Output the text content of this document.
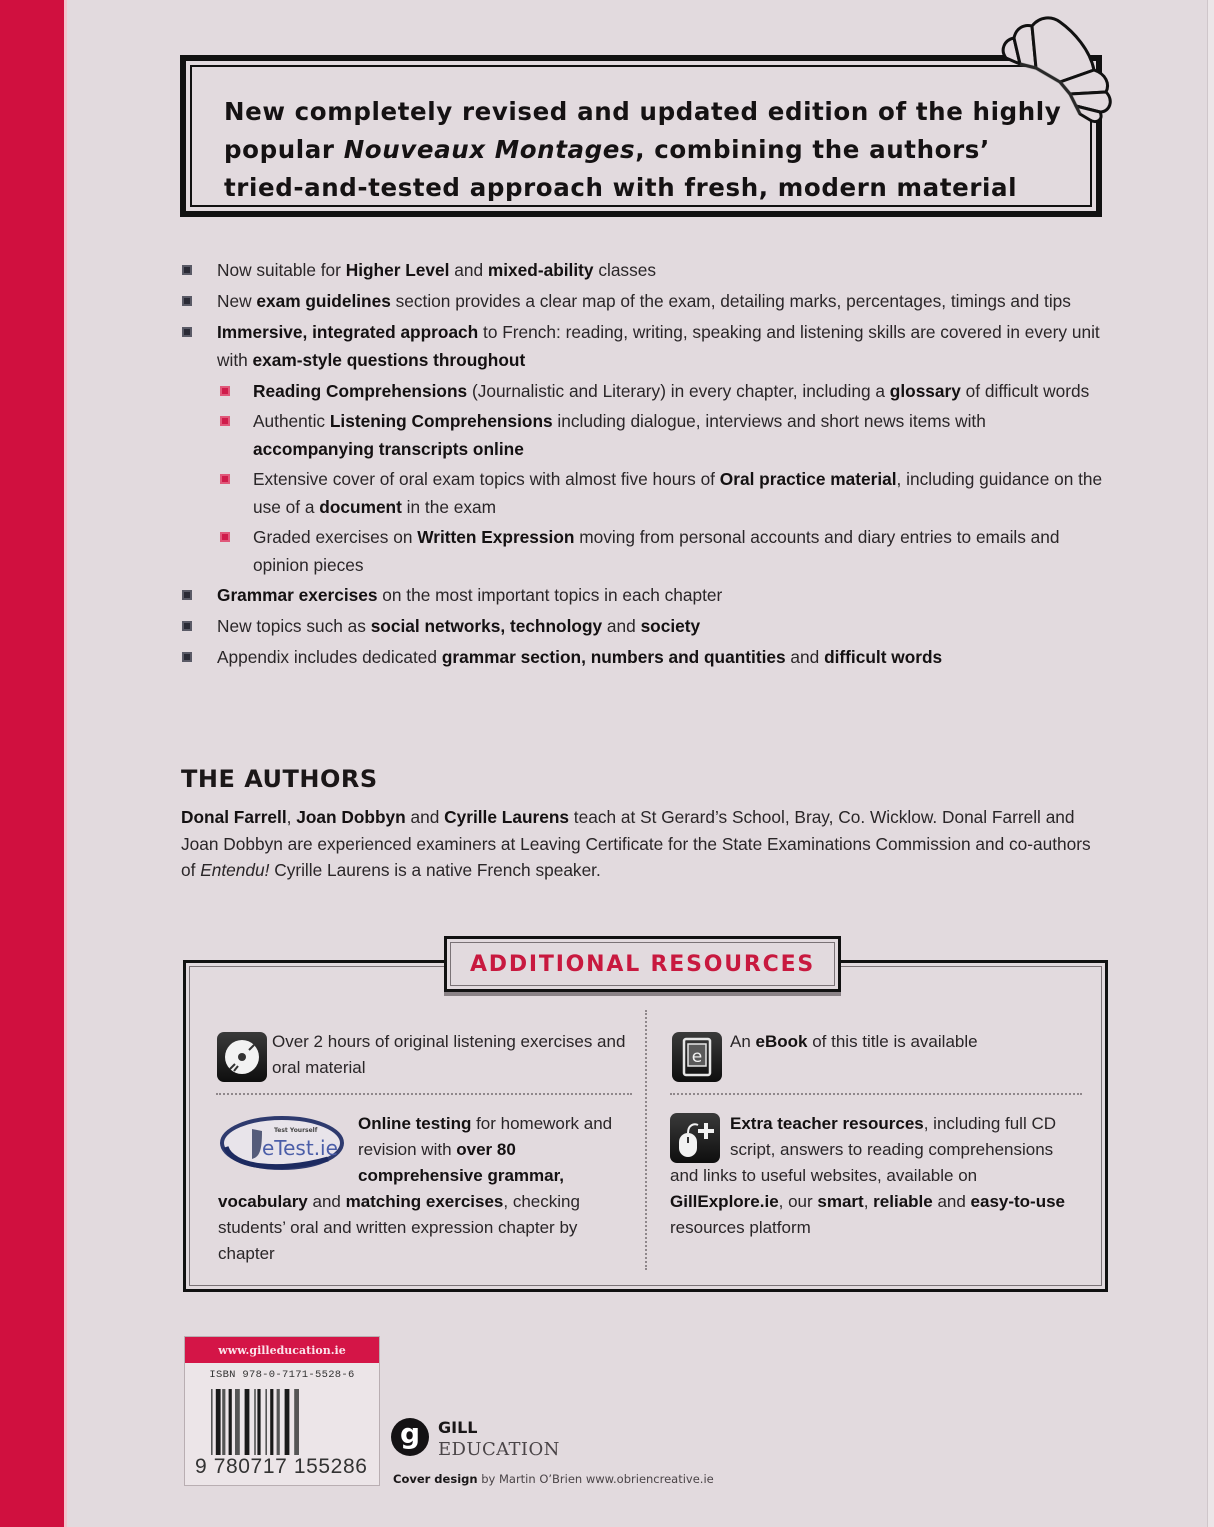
New completely revised and updated edition of the highly
popular Nouveaux Montages, combining the authors’
tried-and-tested approach with fresh, modern material
Now suitable for Higher Level and mixed-ability classes
New exam guidelines section provides a clear map of the exam, detailing marks, percentages, timings and tips
Immersive, integrated approach to French: reading, writing, speaking and listening skills are covered in every unit with exam-style questions throughout
Reading Comprehensions (Journalistic and Literary) in every chapter, including a glossary of difficult words
Authentic Listening Comprehensions including dialogue, interviews and short news items with accompanying transcripts online
Extensive cover of oral exam topics with almost five hours of Oral practice material, including guidance on the use of a document in the exam
Graded exercises on Written Expression moving from personal accounts and diary entries to emails and opinion pieces
Grammar exercises on the most important topics in each chapter
New topics such as social networks, technology and society
Appendix includes dedicated grammar section, numbers and quantities and difficult words
THE AUTHORS
Donal Farrell, Joan Dobbyn and Cyrille Laurens teach at St Gerard’s School, Bray, Co. Wicklow. Donal Farrell and Joan Dobbyn are experienced examiners at Leaving Certificate for the State Examinations Commission and co-authors of Entendu! Cyrille Laurens is a native French speaker.
ADDITIONAL RESOURCES
Over 2 hours of original listening exercises and oral material
e
An eBook of this title is available
Test Yourself
eTest.ie
Online testing for homework and revision with over 80 comprehensive grammar, vocabulary and matching exercises, checking students’ oral and written expression chapter by chapter
Extra teacher resources, including full CD script, answers to reading comprehensions and links to useful websites, available on GillExplore.ie, our smart, reliable and easy-to-use resources platform
www.gilleducation.ie
ISBN 978-0-7171-5528-6
9 780717 155286
g	GILL
EDUCATION
Cover design by Martin O’Brien www.obriencreative.ie
